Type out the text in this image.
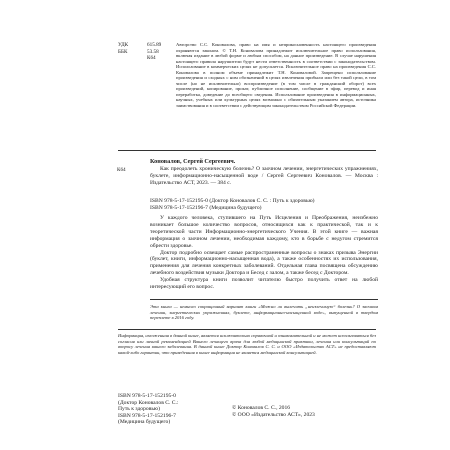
УДК
ББК
615.89
53.58
К64
Авторство С.С. Коновалова, право на имя и неприкосновенность настоящего произведения охраняются законом. © Т.Н. Коновалова принадлежит исключительное право использования, включая издание в любой форме и любым способом, на данное произведение. В случае нарушения настоящего правила нарушители будут нести ответственность в соответствии с законодательством. Использование в коммерческих целях не допускается. Исключительное право на произведения С.С. Коновалова в полном объеме принадлежит Т.Н. Коноваловой. Запрещено использование произведения и сходных с ним обозначений в целях извлечения прибыли или без такой цели, в том числе (но не исключительно) воспроизведение (в том числе в гражданский оборот) всех произведений, копирование, прокат, публичное исполнение, сообщение в эфир, перевод и иная переработка, доведение до всеобщего сведения. Использование произведения в информационных, научных, учебных или культурных целях возможно с обязательным указанием автора, источника заимствования и в соответствии с действующим законодательством Российской Федерации.
Коновалов, Сергей Сергеевич.
К64	Как преодолеть хроническую болезнь? О заочном лечении, энергетических упражнениях, буклете, информационно-насыщенной воде / Сергей Сергеевич Коновалов. — Москва : Издательство АСТ, 2023. — 384 с.
ISBN 978-5-17-152195-0 (Доктор Коновалов С. С. : Путь к здоровью)
ISBN 978-5-17-152196-7 (Медицина будущего)

У каждого человека, ступившего на Путь Исцеления и Преображения, неизбежно возникает большое количество вопросов, относящихся как к практической, так и к теоретической части Информационно-энергетического Учения. В этой книге — важная информация о заочном лечении, необходимая каждому, кто в борьбе с недугом стремится обрести здоровье.

Доктор подробно освещает самые распространенные вопросы о знаках призыва Энергии (буклет, книги, информационно-насыщенная вода), а также особенностях их использования, применения для лечения конкретных заболеваний. Отдельная глава посвящена обсуждению лечебного воздействия музыки Доктора и Бесед с залом, а также бесед с Доктором.

Удобная структура книги позволит читателю быстро получить ответ на любой интересующий его вопрос.

Эта книга — немного сокращенный вариант книги «Можно ли вылечить „неизлечимую“ болезнь? О заочном лечении, энергетических упражнениях, буклете, информационно-насыщенной воде», выпущенной в твердом переплете в 2016 году.
Информация, изложенная в данной книге, является исключительно справочной и ознакомительной и не может использоваться без согласия или личной рекомендацией Вашего лечащего врача для любой медицинской практики, лечения или консультаций по вопросу лечения вашего заболевания. В данной книге Доктор Коновалов С. С. и ООО «Издательство АСТ» не предоставляют какой-либо гарантии, что приведенная в книге информация не является медицинской консультацией.
ISBN 978-5-17-152195-0
(Доктор Коновалов С. С.:
Путь к здоровью)
ISBN 978-5-17-152196-7
(Медицина будущего)
© Коновалов С. С., 2016
© ООО «Издательство АСТ», 2023
